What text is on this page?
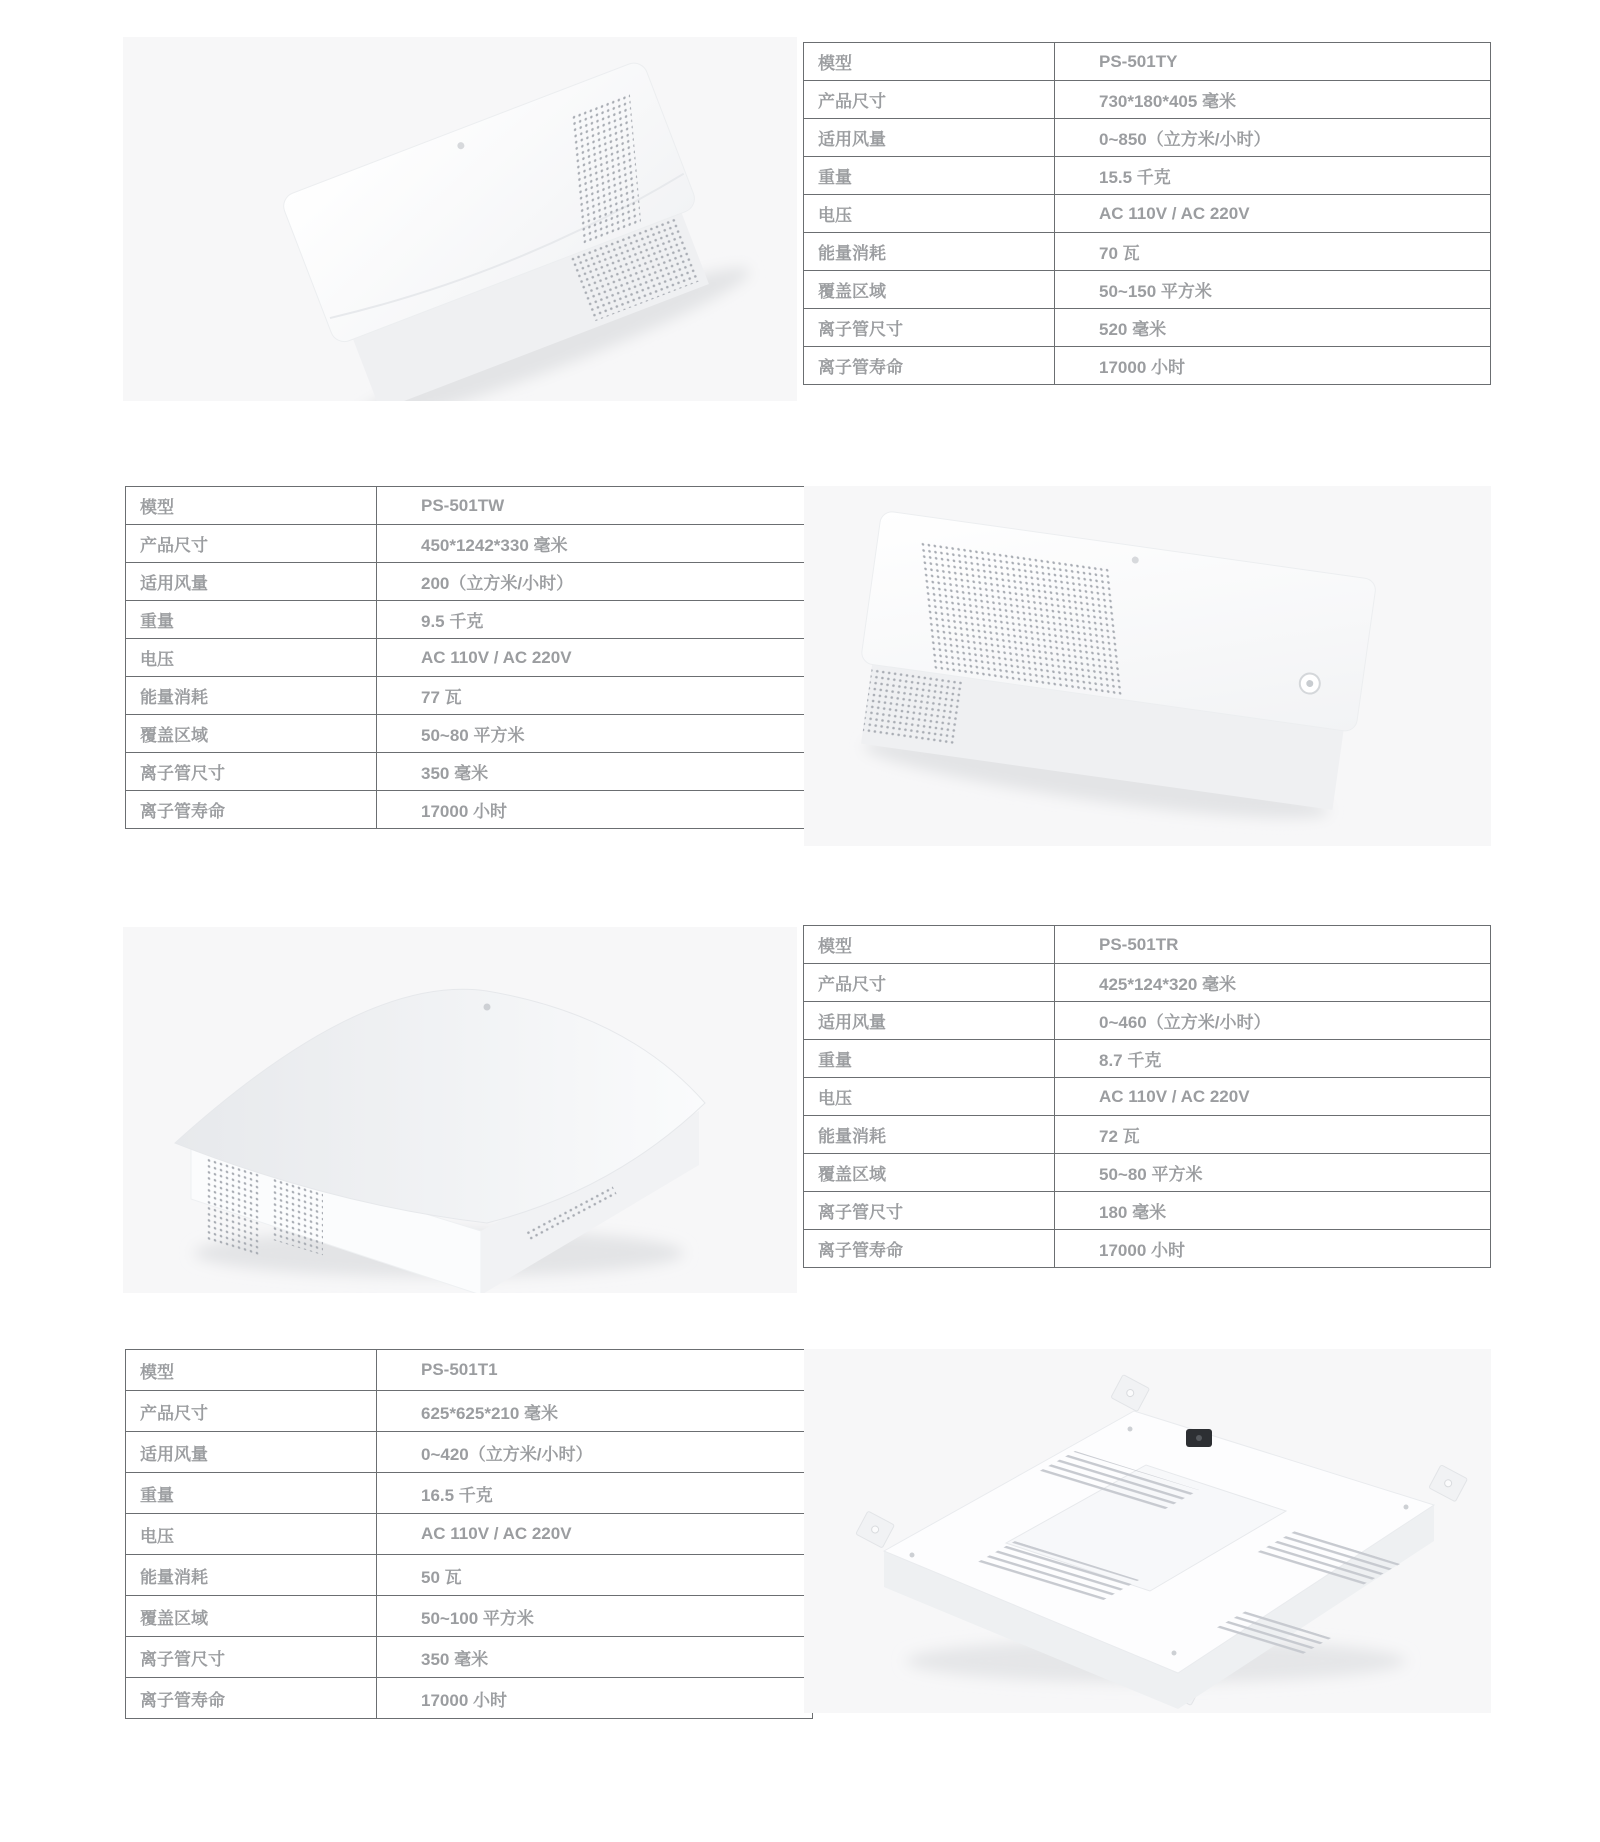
模型	PS-501TY
产品尺寸	730*180*405 毫米
适用风量	0~850（立方米/小时）
重量	15.5 千克
电压	AC 110V / AC 220V
能量消耗	70 瓦
覆盖区域	50~150 平方米
离子管尺寸	520 毫米
离子管寿命	17000 小时
模型	PS-501TW
产品尺寸	450*1242*330 毫米
适用风量	200（立方米/小时）
重量	9.5 千克
电压	AC 110V / AC 220V
能量消耗	77 瓦
覆盖区域	50~80 平方米
离子管尺寸	350 毫米
离子管寿命	17000 小时
模型	PS-501TR
产品尺寸	425*124*320 毫米
适用风量	0~460（立方米/小时）
重量	8.7 千克
电压	AC 110V / AC 220V
能量消耗	72 瓦
覆盖区域	50~80 平方米
离子管尺寸	180 毫米
离子管寿命	17000 小时
模型	PS-501T1
产品尺寸	625*625*210 毫米
适用风量	0~420（立方米/小时）
重量	16.5 千克
电压	AC 110V / AC 220V
能量消耗	50 瓦
覆盖区域	50~100 平方米
离子管尺寸	350 毫米
离子管寿命	17000 小时
